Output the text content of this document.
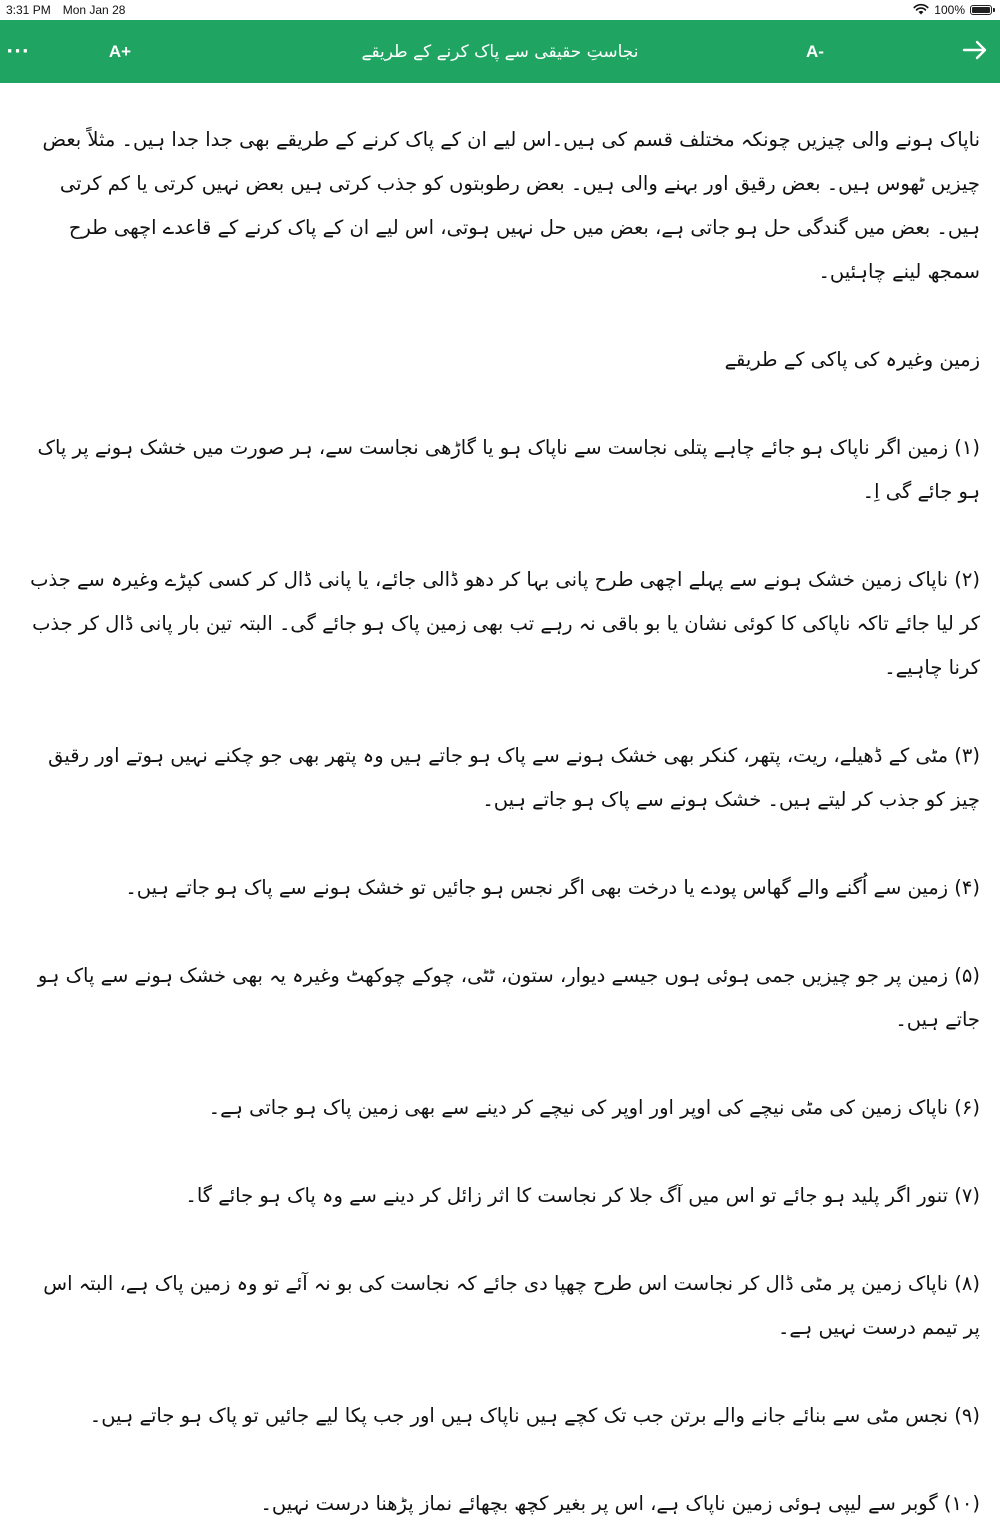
3:31 PM Mon Jan 28	100%
···	A+	نجاستِ حقیقی سے پاک کرنے کے طریقے	A-

ناپاک ہونے والی چیزیں چونکہ مختلف قسم کی ہیں۔اس لیے ان کے پاک کرنے کے طریقے بھی جدا جدا ہیں۔ مثلاً بعض چیزیں ٹھوس ہیں۔ بعض رقیق اور بہنے والی ہیں۔ بعض رطوبتوں کو جذب کرتی ہیں بعض نہیں کرتی یا کم کرتی ہیں۔ بعض میں گندگی حل ہو جاتی ہے، بعض میں حل نہیں ہوتی، اس لیے ان کے پاک کرنے کے قاعدے اچھی طرح سمجھ لینے چاہئیں۔

زمین وغیرہ کی پاکی کے طریقے

(۱) زمین اگر ناپاک ہو جائے چاہے پتلی نجاست سے ناپاک ہو یا گاڑھی نجاست سے، ہر صورت میں خشک ہونے پر پاک ہو جائے گی اِ۔

(۲) ناپاک زمین خشک ہونے سے پہلے اچھی طرح پانی بہا کر دھو ڈالی جائے، یا پانی ڈال کر کسی کپڑے وغیرہ سے جذب کر لیا جائے تاکہ ناپاکی کا کوئی نشان یا بو باقی نہ رہے تب بھی زمین پاک ہو جائے گی۔ البتہ تین بار پانی ڈال کر جذب کرنا چاہیے۔

(۳) مٹی کے ڈھیلے، ریت، پتھر، کنکر بھی خشک ہونے سے پاک ہو جاتے ہیں وہ پتھر بھی جو چکنے نہیں ہوتے اور رقیق چیز کو جذب کر لیتے ہیں۔ خشک ہونے سے پاک ہو جاتے ہیں۔

(۴) زمین سے اُگنے والے گھاس پودے یا درخت بھی اگر نجس ہو جائیں تو خشک ہونے سے پاک ہو جاتے ہیں۔

(۵) زمین پر جو چیزیں جمی ہوئی ہوں جیسے دیوار، ستون، ٹٹی، چوکے چوکھٹ وغیرہ یہ بھی خشک ہونے سے پاک ہو جاتے ہیں۔

(۶) ناپاک زمین کی مٹی نیچے کی اوپر اور اوپر کی نیچے کر دینے سے بھی زمین پاک ہو جاتی ہے۔

(۷) تنور اگر پلید ہو جائے تو اس میں آگ جلا کر نجاست کا اثر زائل کر دینے سے وہ پاک ہو جائے گا۔

(۸) ناپاک زمین پر مٹی ڈال کر نجاست اس طرح چھپا دی جائے کہ نجاست کی بو نہ آئے تو وہ زمین پاک ہے، البتہ اس پر تیمم درست نہیں ہے۔

(۹) نجس مٹی سے بنائے جانے والے برتن جب تک کچے ہیں ناپاک ہیں اور جب پکا لیے جائیں تو پاک ہو جاتے ہیں۔

(۱۰) گوبر سے لیپی ہوئی زمین ناپاک ہے، اس پر بغیر کچھ بچھائے نماز پڑھنا درست نہیں۔
